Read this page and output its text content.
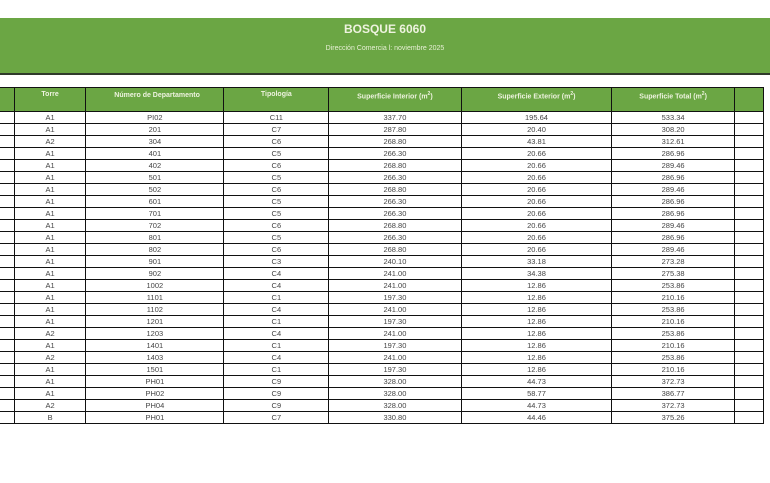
BOSQUE 6060
Dirección Comercia l: noviembre 2025
	Torre	Número de Departamento	Tipología	Superficie Interior $(m^2)$	Superficie Exterior $(m^2)$	Superficie Total $(m^2)$	
	A1	PI02	C11	337.70	195.64	533.34	
	A1	201	C7	287.80	20.40	308.20	
	A2	304	C6	268.80	43.81	312.61	
	A1	401	C5	266.30	20.66	286.96	
	A1	402	C6	268.80	20.66	289.46	
	A1	501	C5	266.30	20.66	286.96	
	A1	502	C6	268.80	20.66	289.46	
	A1	601	C5	266.30	20.66	286.96	
	A1	701	C5	266.30	20.66	286.96	
	A1	702	C6	268.80	20.66	289.46	
	A1	801	C5	266.30	20.66	286.96	
	A1	802	C6	268.80	20.66	289.46	
	A1	901	C3	240.10	33.18	273.28	
	A1	902	C4	241.00	34.38	275.38	
	A1	1002	C4	241.00	12.86	253.86	
	A1	1101	C1	197.30	12.86	210.16	
	A1	1102	C4	241.00	12.86	253.86	
	A1	1201	C1	197.30	12.86	210.16	
	A2	1203	C4	241.00	12.86	253.86	
	A1	1401	C1	197.30	12.86	210.16	
	A2	1403	C4	241.00	12.86	253.86	
	A1	1501	C1	197.30	12.86	210.16	
	A1	PH01	C9	328.00	44.73	372.73	
	A1	PH02	C9	328.00	58.77	386.77	
	A2	PH04	C9	328.00	44.73	372.73	
	B	PH01	C7	330.80	44.46	375.26	
